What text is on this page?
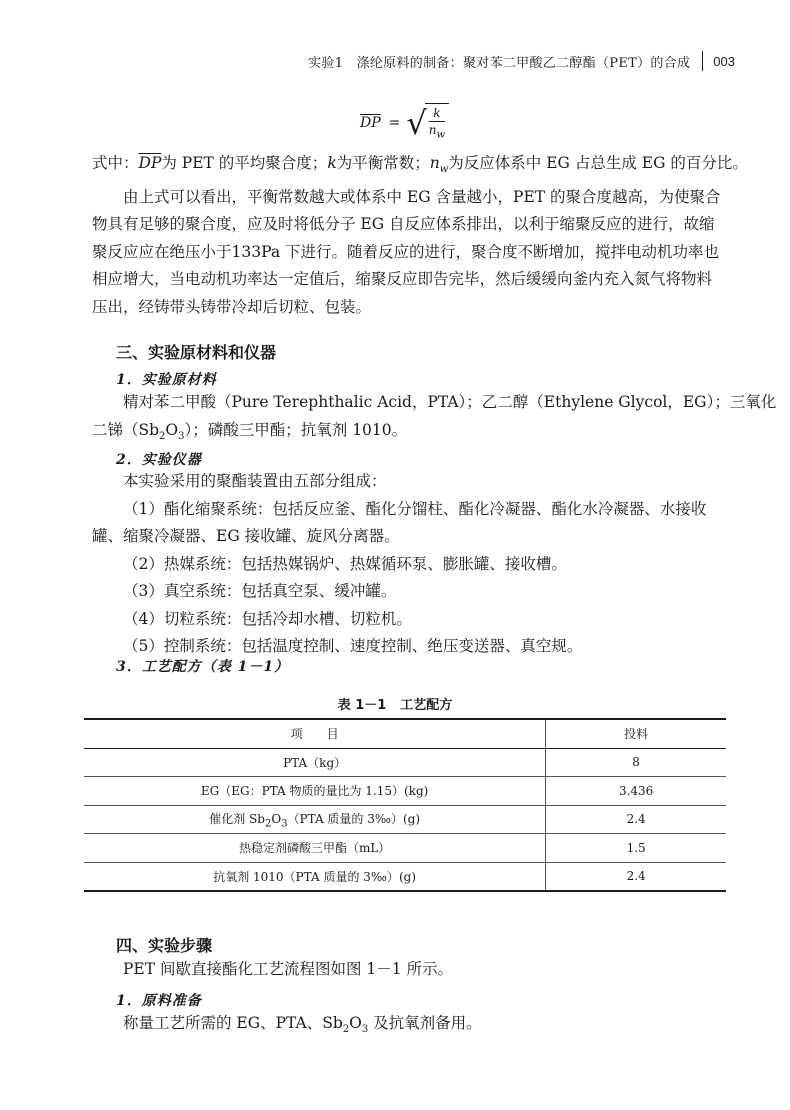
实验1　涤纶原料的制备：聚对苯二甲酸乙二醇酯（PET）的合成 003
$\overline{DP}$ = √
$\frac{k}{n_w}$
式中：$\overline{DP}$为 PET 的平均聚合度；k为平衡常数；$n_w$为反应体系中 EG 占总生成 EG 的百分比。
由上式可以看出，平衡常数越大或体系中 EG 含量越小，PET 的聚合度越高，为使聚合
物具有足够的聚合度，应及时将低分子 EG 自反应体系排出，以利于缩聚反应的进行，故缩
聚反应应在绝压小于133Pa 下进行。随着反应的进行，聚合度不断增加，搅拌电动机功率也
相应增大，当电动机功率达一定值后，缩聚反应即告完毕，然后缓缓向釜内充入氮气将物料
压出，经铸带头铸带冷却后切粒、包装。
三、实验原材料和仪器
1．实验原材料
精对苯二甲酸（Pure Terephthalic Acid，PTA）；乙二醇（Ethylene Glycol，EG）；三氧化
二锑$(Sb_2O_3)$；磷酸三甲酯；抗氧剂 1010。
2．实验仪器
本实验采用的聚酯装置由五部分组成：
（1）酯化缩聚系统：包括反应釜、酯化分馏柱、酯化冷凝器、酯化水冷凝器、水接收
罐、缩聚冷凝器、EG 接收罐、旋风分离器。
（2）热媒系统：包括热媒锅炉、热媒循环泵、膨胀罐、接收槽。
（3）真空系统：包括真空泵、缓冲罐。
（4）切粒系统：包括冷却水槽、切粒机。
（5）控制系统：包括温度控制、速度控制、绝压变送器、真空规。
3．工艺配方（表 1－1）
表 1－1 工艺配方
项　　目	投料
PTA（kg）	8
EG（EG：PTA 物质的量比为 1.15）(kg)	3.436
催化剂 $Sb_2O_3(PTA$ 质量的 3‰）(g)	2.4
热稳定剂磷酸三甲酯（mL）	1.5
抗氧剂 1010（PTA 质量的 3‰）(g)	2.4
四、实验步骤
PET 间歇直接酯化工艺流程图如图 1－1 所示。
1．原料准备
称量工艺所需的 EG、PTA、$Sb_2O_3$ 及抗氧剂备用。
